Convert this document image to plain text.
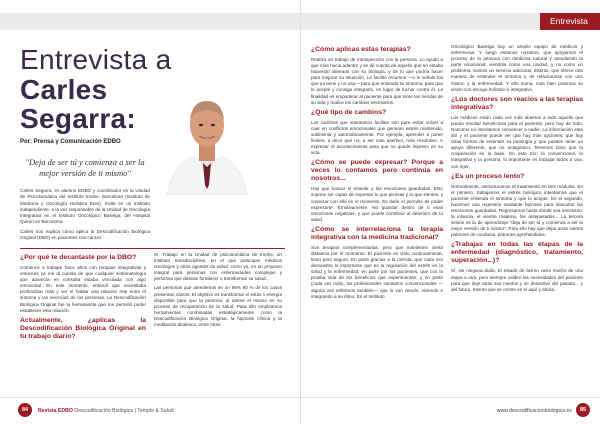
Entrevista a
Carles
Segarra:
Por: Prensa y Comunicación EDBO
"Deja de ser tú y comienza a ser la mejor versión de ti mismo"

Carles Segarra, es alumno EDBO y coordinador en la Unidad de Psicosomática del Instituto Imohe, Barcelona (Instituto de Medicina y Oncología Holística Eres). Invite en un Instituto independiente, a la vez responsable de la Unidad de Oncología Integrativa en el Instituto Oncológico Baselga, del Hospital Quirón en Barcelona.

Carles nos explica cómo aplica la Descodificación Biológica Original (DBO) en pacientes con cáncer.

¿Por qué te decantaste por la DBO?

Comencé a trabajar hace años con terapias integrativas y entonces ya me di cuenta de que cualquier sintomatología que aparecía en consulta estaba vinculada con algo emocional. En este momento, entendí que necesitaba profundizar más y ver el hablar una relación real entre el síntoma y las vivencias de las personas. La Descodificación Biológica Original fue la herramienta que me permitió poder establecer esta relación.

Actualmente, ¿aplicas la Descodificación Biológica Original en tu trabajo diario?

Sí. Trabajo en la Unidad de psicosomática de Imohe, un Instituto transdisciplinar, en el que participan médicos oncólogos y otros agentes de salud, como yo, en un proyecto integral para personas con enfermedades complejas y personas que desean fortalecer o transformar su salud.

Las personas que atendemos en un 95% 90 % de los casos presentan cáncer. El objetivo es transformar el estilo o energía disponible para que la persona, al atreve el mismo en su proceso de recuperación de la salud. Para ello empleamos herramientas combinadas estratégicamente como la Descodificación Biológica Original, la hipnosis clínica y la meditación dinámica, entre otras.

84	Revista EDBO Descodificación Biológica | Temple & Salud
Entrevista
¿Cómo aplicas estas terapias?

Realizo un trabajo de introspección con la persona. Lo ayudo a que mire hacia adentro y se dé cuenta de aquello que no estaba haciendo alineado con su biología, y de lo que podría hacer para mejorar su situación. Le facilito recursos —o le señalo los que ya tiene y no usa— para que entienda su síntoma, para que lo acepte y consiga integrarlo, en lugar de luchar contra él. La finalidad es empoderar al paciente para que tome las riendas de su vida y realice los cambios necesarios.

¿Qué tipo de cambios?

Los cambios que intentamos facilitar son para evitar volver a caer en conflictos emocionales que generan estrés mantenido, subliminal y automáticamente. Por ejemplo, aprender a poner límites, a decir que no, a ser más asertivo, más resolutivo. A expresar el acontecimiento para que no quede impreso en su vida.

¿Cómo se puede expresar? Porque a veces lo contamos pero continúa en nosotros...

Hay que buscar el resentir y las emociones guardadas. Esto supone ser capaz de expresar lo que piensas y lo que sientes, y conectar con ello en el momento. Es darle el permiso de poder expresarte. Emotivamente. No guardar dentro de ti esas emociones negativas, y que puede contribuir al deterioro de tu salud.

¿Cómo se interrelaciona la terapia integrativa con la medicina tradicional?

Son terapias complementarias, pero que mantienen cierta distancia por el momento. El paciente es visto continuamente, lento pero seguro. En parte gracias a la ciencia, que cada vez demuestra lo importante que es la regulación del estrés en la salud y la enfermedad; en parte por los pacientes, que con la prueba vida de los beneficios que experimentan; y en parte (cada vez más), los profesionales sanitarios convencionales —alguna vez enfermos también— que lo van viendo, viviendo e integrando a su ritmo. En el Instituto

Oncológico Baselga hay un amplio equipo de médicos y enfermeras. Y luego estamos nosotros, que apoyamos el proceso de la persona con medicina natural y atendiendo la parte emocional: viéndola como una unidad, y no como un problema. Somos un servicio adicional, distinto, que ofrece otra manera de entender el síntoma y de relacionarse con uno mismo y la enfermedad. Y ello suma, más bien potencia su visión con escoge holístico e integrativo.

¿Los doctores son reacios a las terapias integrativas?

Los médicos están cada vez más abiertos a todo aquello que pueda resultar beneficioso para el paciente, pero hay de todo. Nosotros no intentamos convencer a nadie. La información está ahí y el paciente puede ver que hay más opciones, que hay otras formas de entender su patología y que pueden tener un apoyo diferente, que no antagónico. Tenemos claro que la cooperación es la base. En este trio: la convencional, la integrativa y la persona, lo importante es trabajar todos a una, con rigor.

¿Es un proceso lento?

Normalmente, estructuramos el tratamiento en tres módulos. En el primero, trabajamos el estrés biológico intentamos que el paciente entienda el síntoma y que lo acepte. En el segundo, hacemos una regresión mediante hipnosis para descubrir las emociones guardadas. Regresamos hasta donde sea necesario: la infancia, el vientre materno, los antepasados... La tercera sesión es la de aprendizaje "deja de ser tú y comienza a ser la mejor versión de ti mismo". Para ello hay que dejar atrás ciertos patrones de conducta, patrones aprehendidos.

¿Trabajas en todas las etapas de la enfermedad (diagnóstico, tratamiento, superación...)?

Sí, sin ninguna duda. El estado de ánimo varía mucho de una etapa a otra, pero siempre calibro las necesidades del paciente para que deje atrás sus miedos y se desactive del pasado... y del futuro. Intento que se centre en el aquí y ahora.

www.descodificacionbiologica.es	85
